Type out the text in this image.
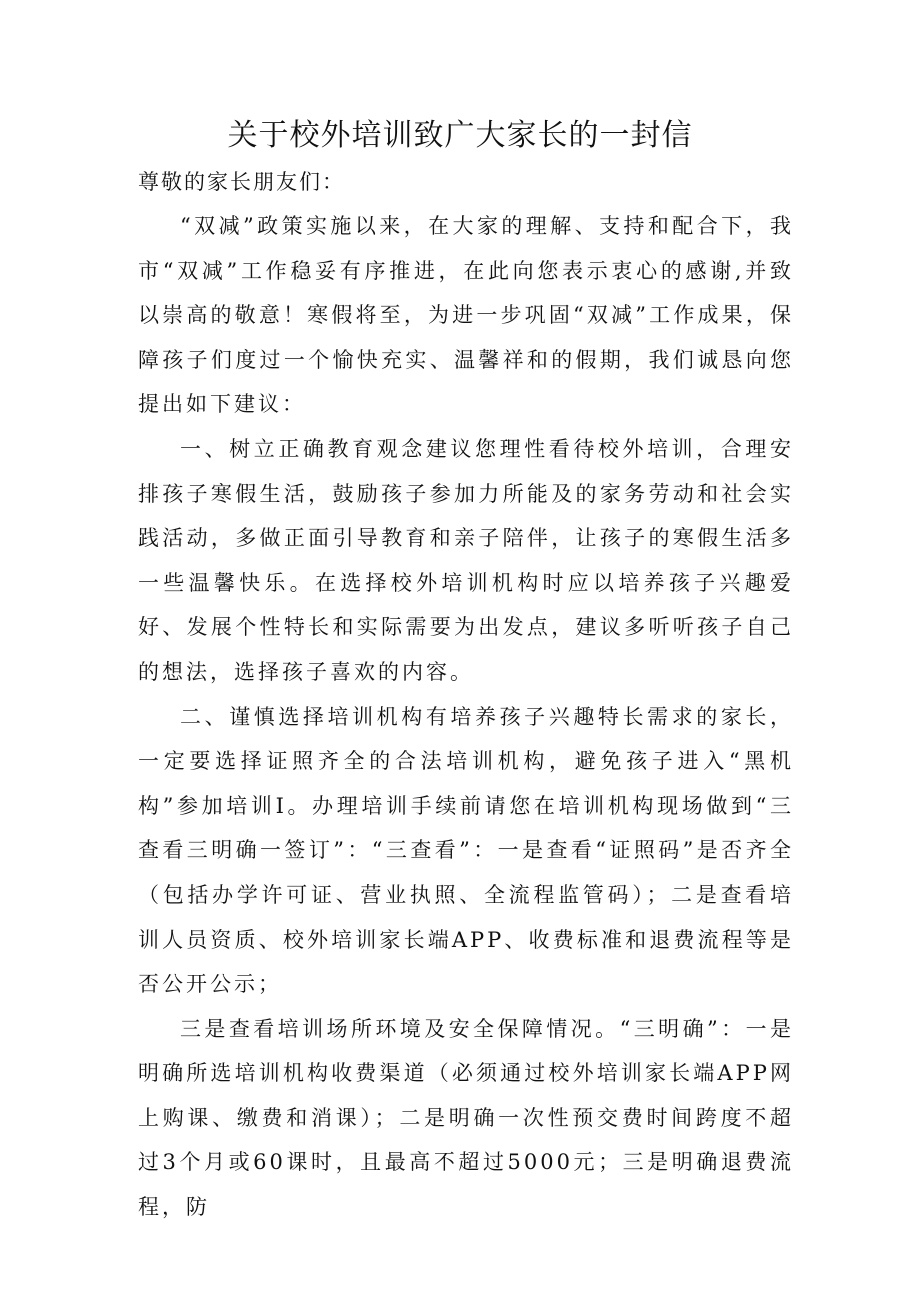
关于校外培训致广大家长的一封信

尊敬的家长朋友们：

“双减”政策实施以来，在大家的理解、支持和配合下，我市“双减”工作稳妥有序推进，在此向您表示衷心的感谢,并致以崇高的敬意！寒假将至，为进一步巩固“双减”工作成果，保障孩子们度过一个愉快充实、温馨祥和的假期，我们诚恳向您提出如下建议：

一、树立正确教育观念建议您理性看待校外培训，合理安排孩子寒假生活，鼓励孩子参加力所能及的家务劳动和社会实践活动，多做正面引导教育和亲子陪伴，让孩子的寒假生活多一些温馨快乐。在选择校外培训机构时应以培养孩子兴趣爱好、发展个性特长和实际需要为出发点，建议多听听孩子自己的想法，选择孩子喜欢的内容。

二、谨慎选择培训机构有培养孩子兴趣特长需求的家长，一定要选择证照齐全的合法培训机构，避免孩子进入“黑机构”参加培训Ⅰ。办理培训手续前请您在培训机构现场做到“三查看三明确一签订”：“三查看”：一是查看“证照码”是否齐全（包括办学许可证、营业执照、全流程监管码）；二是查看培训人员资质、校外培训家长端APP、收费标准和退费流程等是否公开公示；

三是查看培训场所环境及安全保障情况。“三明确”：一是明确所选培训机构收费渠道（必须通过校外培训家长端APP网上购课、缴费和消课）；二是明确一次性预交费时间跨度不超过3个月或60课时，且最高不超过5000元；三是明确退费流程，防
